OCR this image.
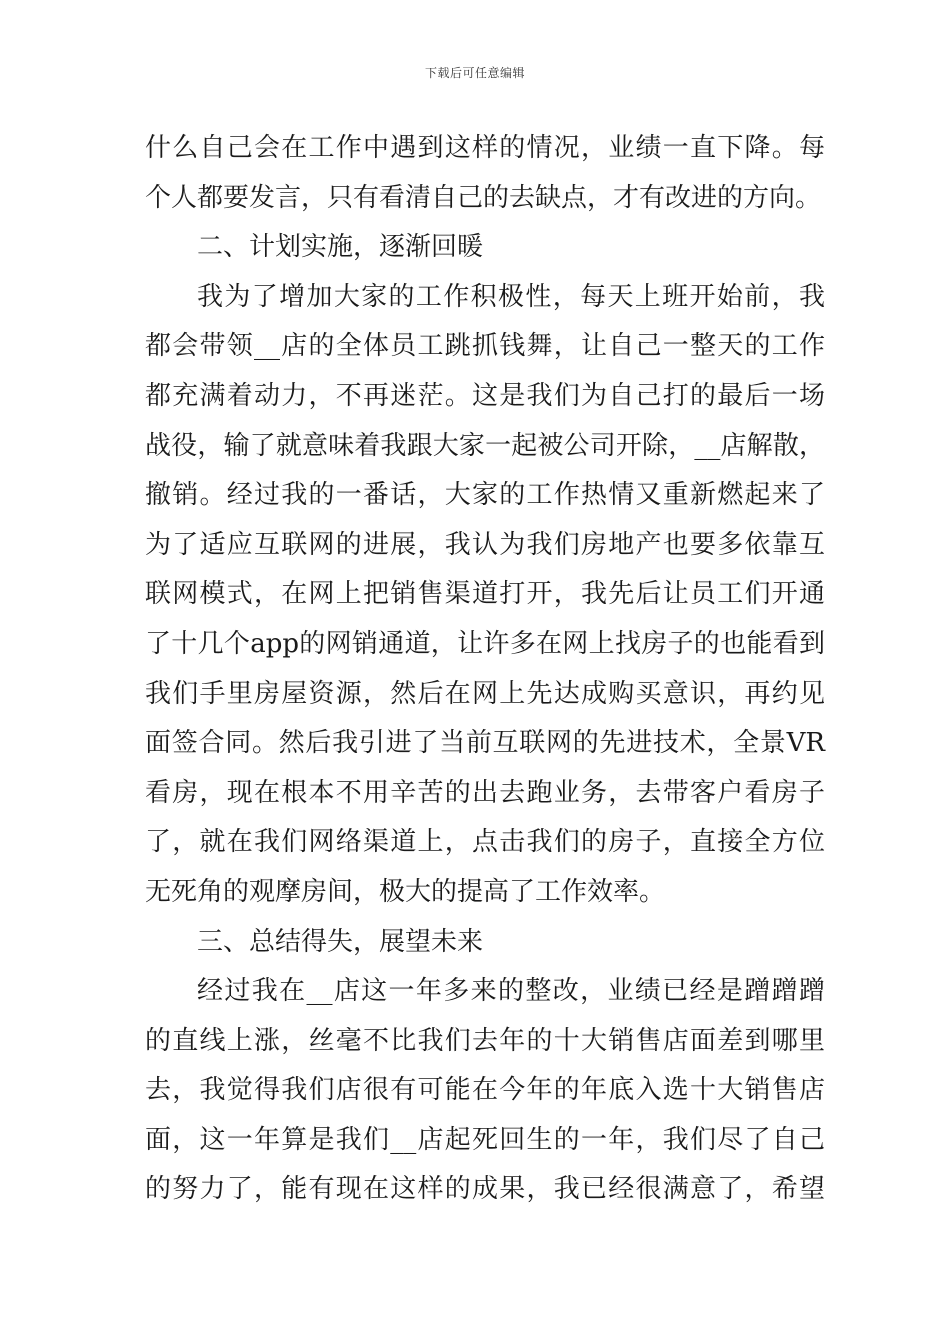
下载后可任意编辑
什么自己会在工作中遇到这样的情况，业绩一直下降。每
个人都要发言，只有看清自己的去缺点，才有改进的方向。
二、计划实施，逐渐回暖
我为了增加大家的工作积极性，每天上班开始前，我
都会带领__店的全体员工跳抓钱舞，让自己一整天的工作
都充满着动力，不再迷茫。这是我们为自己打的最后一场
战役，输了就意味着我跟大家一起被公司开除，__店解散，
撤销。经过我的一番话，大家的工作热情又重新燃起来了
为了适应互联网的进展，我认为我们房地产也要多依靠互
联网模式，在网上把销售渠道打开，我先后让员工们开通
了十几个app的网销通道，让许多在网上找房子的也能看到
我们手里房屋资源，然后在网上先达成购买意识，再约见
面签合同。然后我引进了当前互联网的先进技术，全景VR
看房，现在根本不用辛苦的出去跑业务，去带客户看房子
了，就在我们网络渠道上，点击我们的房子，直接全方位
无死角的观摩房间，极大的提高了工作效率。
三、总结得失，展望未来
经过我在__店这一年多来的整改，业绩已经是蹭蹭蹭
的直线上涨，丝毫不比我们去年的十大销售店面差到哪里
去，我觉得我们店很有可能在今年的年底入选十大销售店
面，这一年算是我们__店起死回生的一年，我们尽了自己
的努力了，能有现在这样的成果，我已经很满意了，希望
